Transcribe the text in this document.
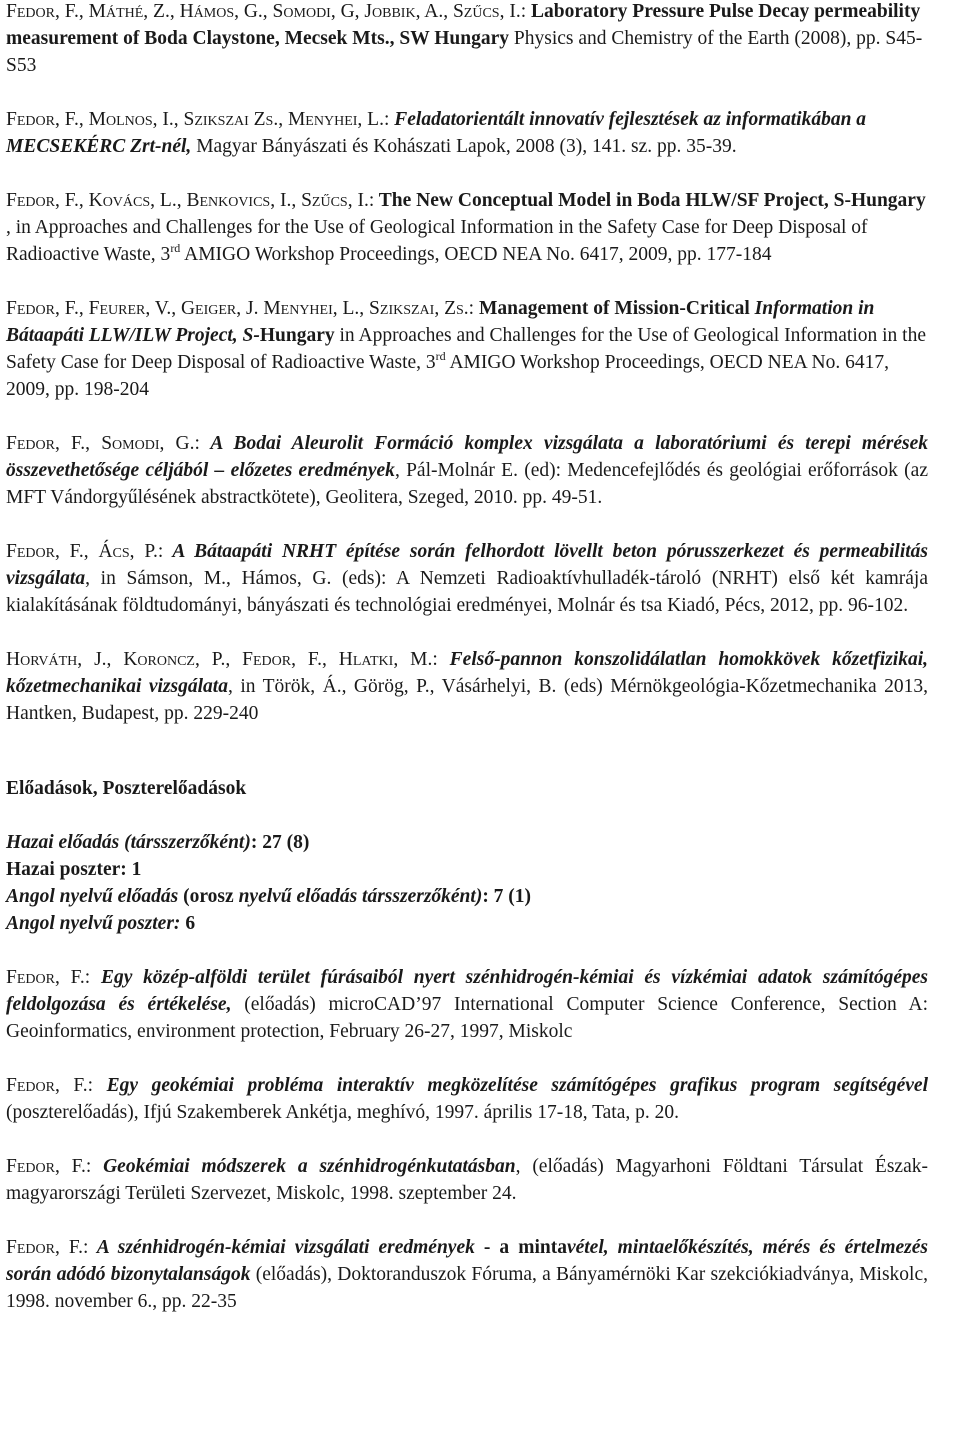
Fedor, F., Máthé, Z., Hámos, G., Somodi, G, Jobbik, A., Szűcs, I.: Laboratory Pressure Pulse Decay permeability measurement of Boda Claystone, Mecsek Mts., SW Hungary Physics and Chemistry of the Earth (2008), pp. S45-S53

Fedor, F., Molnos, I., Szikszai Zs., Menyhei, L.: Feladatorientált innovatív fejlesztések az informatikában a MECSEKÉRC Zrt-nél, Magyar Bányászati és Kohászati Lapok, 2008 (3), 141. sz. pp. 35-39.

Fedor, F., Kovács, L., Benkovics, I., Szűcs, I.: The New Conceptual Model in Boda HLW/SF Project, S-Hungary , in Approaches and Challenges for the Use of Geological Information in the Safety Case for Deep Disposal of Radioactive Waste, 3rd AMIGO Workshop Proceedings, OECD NEA No. 6417, 2009, pp. 177-184

Fedor, F., Feurer, V., Geiger, J. Menyhei, L., Szikszai, Zs.: Management of Mission-Critical Information in Bátaapáti LLW/ILW Project, S-Hungary in Approaches and Challenges for the Use of Geological Information in the Safety Case for Deep Disposal of Radioactive Waste, 3rd AMIGO Workshop Proceedings, OECD NEA No. 6417, 2009, pp. 198-204

Fedor, F., Somodi, G.: A Bodai Aleurolit Formáció komplex vizsgálata a laboratóriumi és terepi mérések összevethetősége céljából – előzetes eredmények, Pál-Molnár E. (ed): Medencefejlődés és geológiai erőforrások (az MFT Vándorgyűlésének abstractkötete), Geolitera, Szeged, 2010. pp. 49-51.

Fedor, F., Ács, P.: A Bátaapáti NRHT építése során felhordott lövellt beton pórusszerkezet és permeabilitás vizsgálata, in Sámson, M., Hámos, G. (eds): A Nemzeti Radioaktívhulladék-tároló (NRHT) első két kamrája kialakításának földtudományi, bányászati és technológiai eredményei, Molnár és tsa Kiadó, Pécs, 2012, pp. 96-102.

Horváth, J., Koroncz, P., Fedor, F., Hlatki, M.: Felső-pannon konszolidálatlan homokkövek kőzetfizikai, kőzetmechanikai vizsgálata, in Török, Á., Görög, P., Vásárhelyi, B. (eds) Mérnökgeológia-Kőzetmechanika 2013, Hantken, Budapest, pp. 229-240

Előadások, Poszterelőadások
Hazai előadás (társszerzőként): 27 (8)
Hazai poszter: 1
Angol nyelvű előadás (orosz nyelvű előadás társszerzőként): 7 (1)
Angol nyelvű poszter: 6

Fedor, F.: Egy közép-alföldi terület fúrásaiból nyert szénhidrogén-kémiai és vízkémiai adatok számítógépes feldolgozása és értékelése, (előadás) microCAD’97 International Computer Science Conference, Section A: Geoinformatics, environment protection, February 26-27, 1997, Miskolc

Fedor, F.: Egy geokémiai probléma interaktív megközelítése számítógépes grafikus program segítségével (poszterelőadás), Ifjú Szakemberek Ankétja, meghívó, 1997. április 17-18, Tata, p. 20.

Fedor, F.: Geokémiai módszerek a szénhidrogénkutatásban, (előadás) Magyarhoni Földtani Társulat Észak-magyarországi Területi Szervezet, Miskolc, 1998. szeptember 24.

Fedor, F.: A szénhidrogén-kémiai vizsgálati eredmények - a mintavétel, mintaelőkészítés, mérés és értelmezés során adódó bizonytalanságok (előadás), Doktoranduszok Fóruma, a Bányamérnöki Kar szekciókiadványa, Miskolc, 1998. november 6., pp. 22-35
